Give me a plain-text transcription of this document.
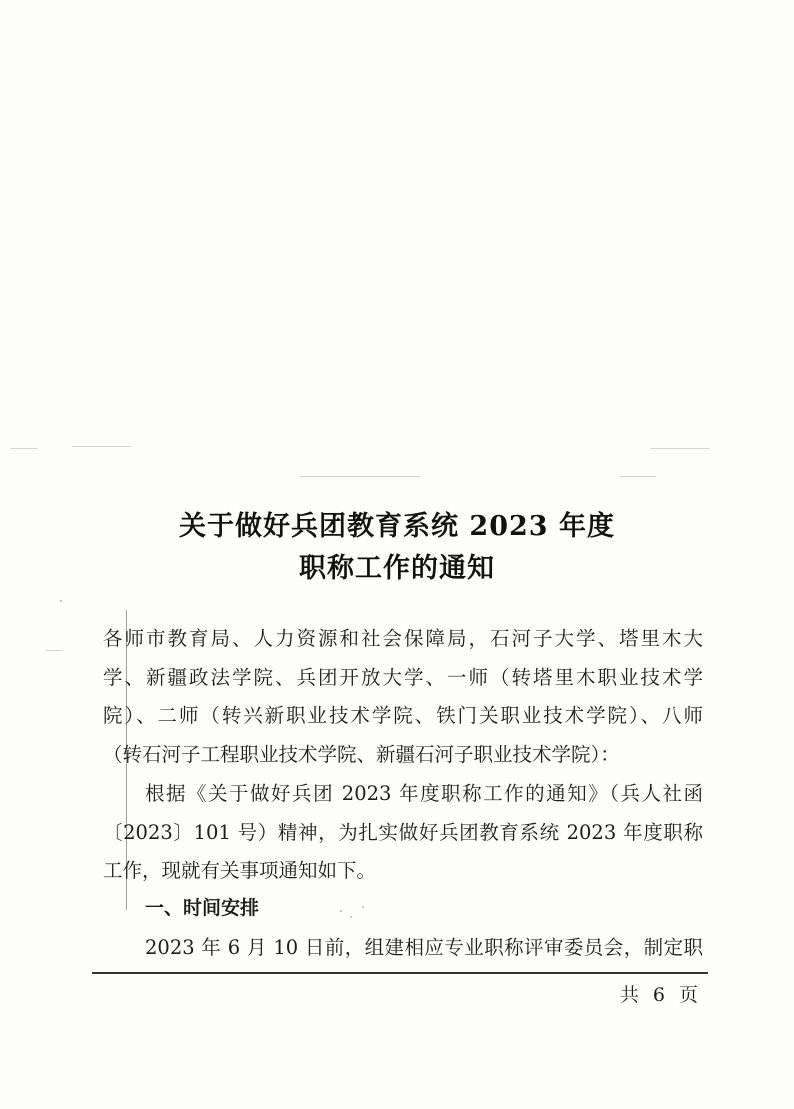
关于做好兵团教育系统 2023 年度
职称工作的通知
各师市教育局、人力资源和社会保障局，石河子大学、塔里木大
学、新疆政法学院、兵团开放大学、一师（转塔里木职业技术学
院）、二师（转兴新职业技术学院、铁门关职业技术学院）、八师
（转石河子工程职业技术学院、新疆石河子职业技术学院）：
根据《关于做好兵团 2023 年度职称工作的通知》（兵人社函
〔2023〕101 号）精神，为扎实做好兵团教育系统 2023 年度职称
工作，现就有关事项通知如下。
一、时间安排
2023 年 6 月 10 日前，组建相应专业职称评审委员会，制定职
共 6 页
